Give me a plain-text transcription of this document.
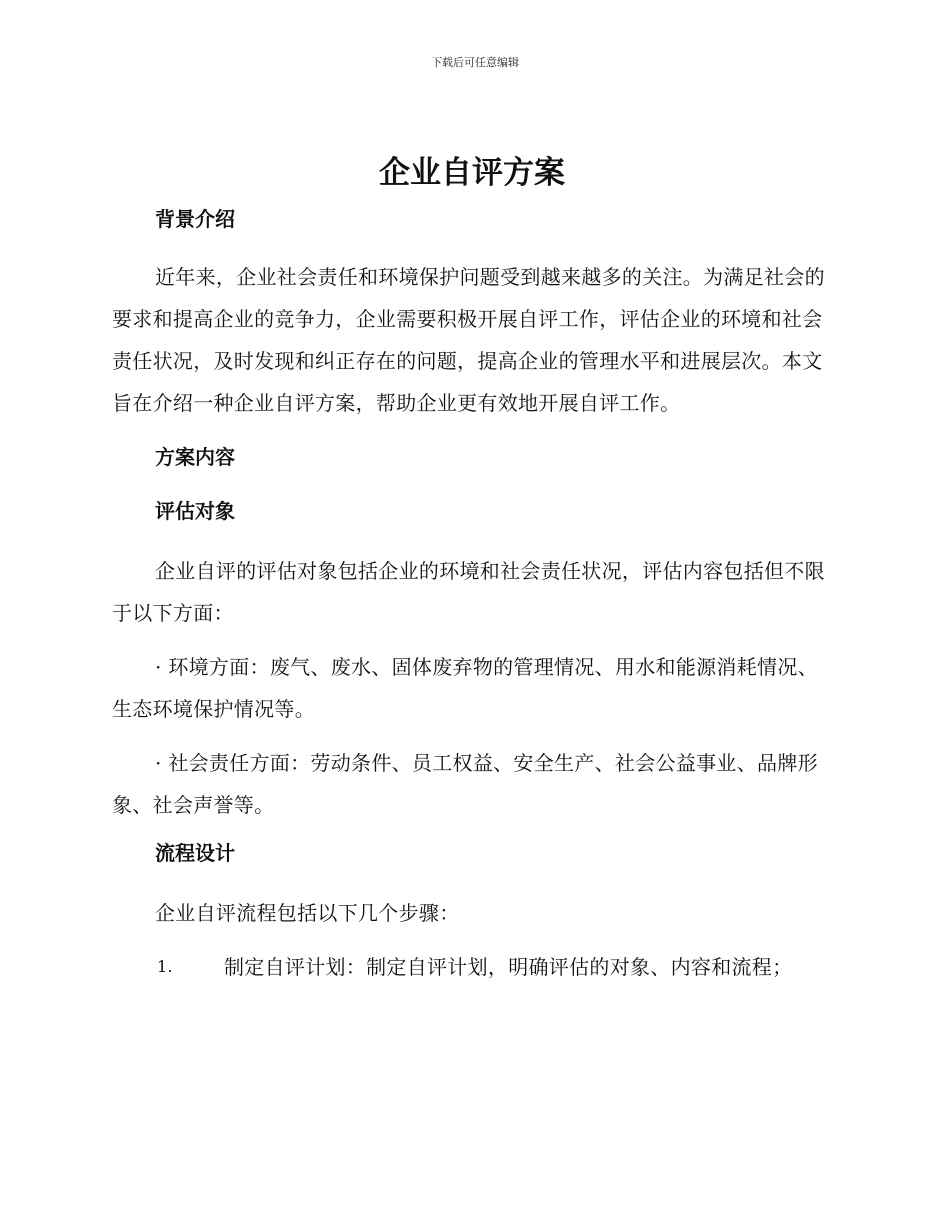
下载后可任意编辑
企业自评方案
背景介绍

近年来，企业社会责任和环境保护问题受到越来越多的关注。为满足社会的要求和提高企业的竞争力，企业需要积极开展自评工作，评估企业的环境和社会责任状况，及时发现和纠正存在的问题，提高企业的管理水平和进展层次。本文旨在介绍一种企业自评方案，帮助企业更有效地开展自评工作。

方案内容
评估对象

企业自评的评估对象包括企业的环境和社会责任状况，评估内容包括但不限于以下方面：

· 环境方面：废气、废水、固体废弃物的管理情况、用水和能源消耗情况、生态环境保护情况等。

· 社会责任方面：劳动条件、员工权益、安全生产、社会公益事业、品牌形象、社会声誉等。

流程设计

企业自评流程包括以下几个步骤：

1.	制定自评计划：制定自评计划，明确评估的对象、内容和流程；
